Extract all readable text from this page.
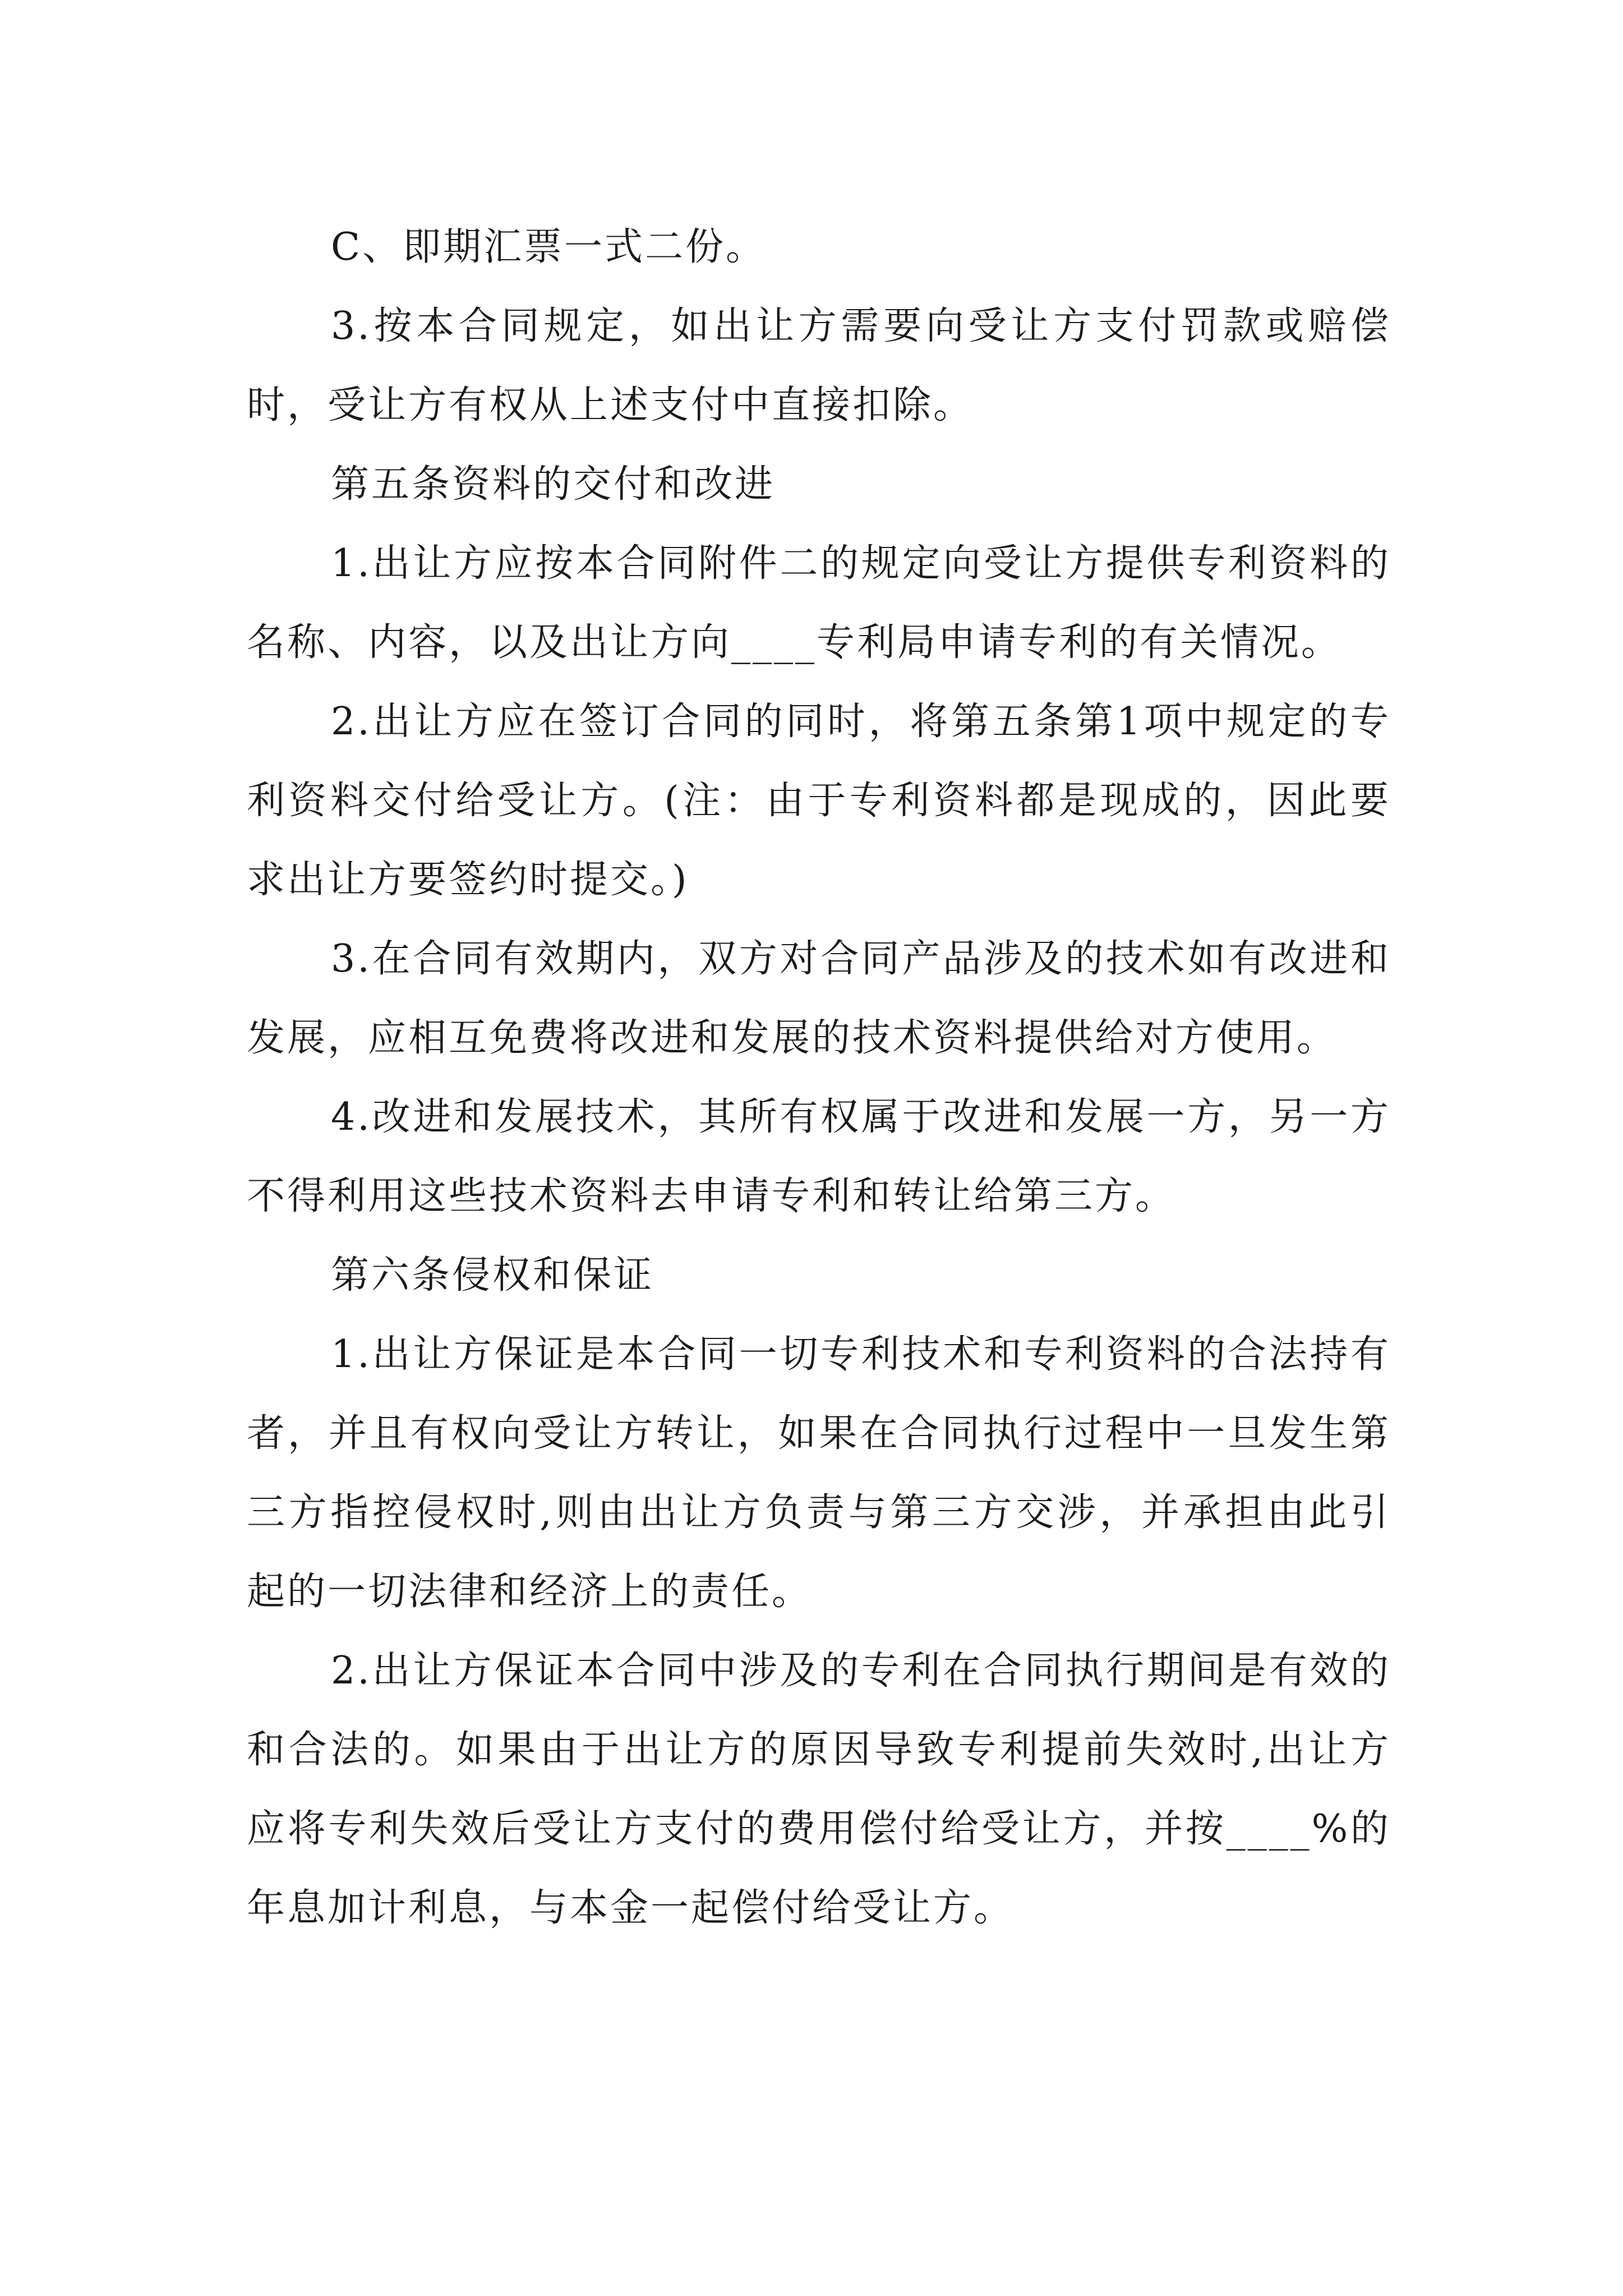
C、即期汇票一式二份。

3.按本合同规定，如出让方需要向受让方支付罚款或赔偿时，受让方有权从上述支付中直接扣除。

第五条资料的交付和改进

1.出让方应按本合同附件二的规定向受让方提供专利资料的名称、内容，以及出让方向____专利局申请专利的有关情况。

2.出让方应在签订合同的同时，将第五条第1项中规定的专利资料交付给受让方。(注：由于专利资料都是现成的，因此要求出让方要签约时提交。)

3.在合同有效期内，双方对合同产品涉及的技术如有改进和发展，应相互免费将改进和发展的技术资料提供给对方使用。

4.改进和发展技术，其所有权属于改进和发展一方，另一方不得利用这些技术资料去申请专利和转让给第三方。

第六条侵权和保证

1.出让方保证是本合同一切专利技术和专利资料的合法持有者，并且有权向受让方转让，如果在合同执行过程中一旦发生第三方指控侵权时,则由出让方负责与第三方交涉，并承担由此引起的一切法律和经济上的责任。

2.出让方保证本合同中涉及的专利在合同执行期间是有效的和合法的。如果由于出让方的原因导致专利提前失效时,出让方应将专利失效后受让方支付的费用偿付给受让方，并按____%的年息加计利息，与本金一起偿付给受让方。
